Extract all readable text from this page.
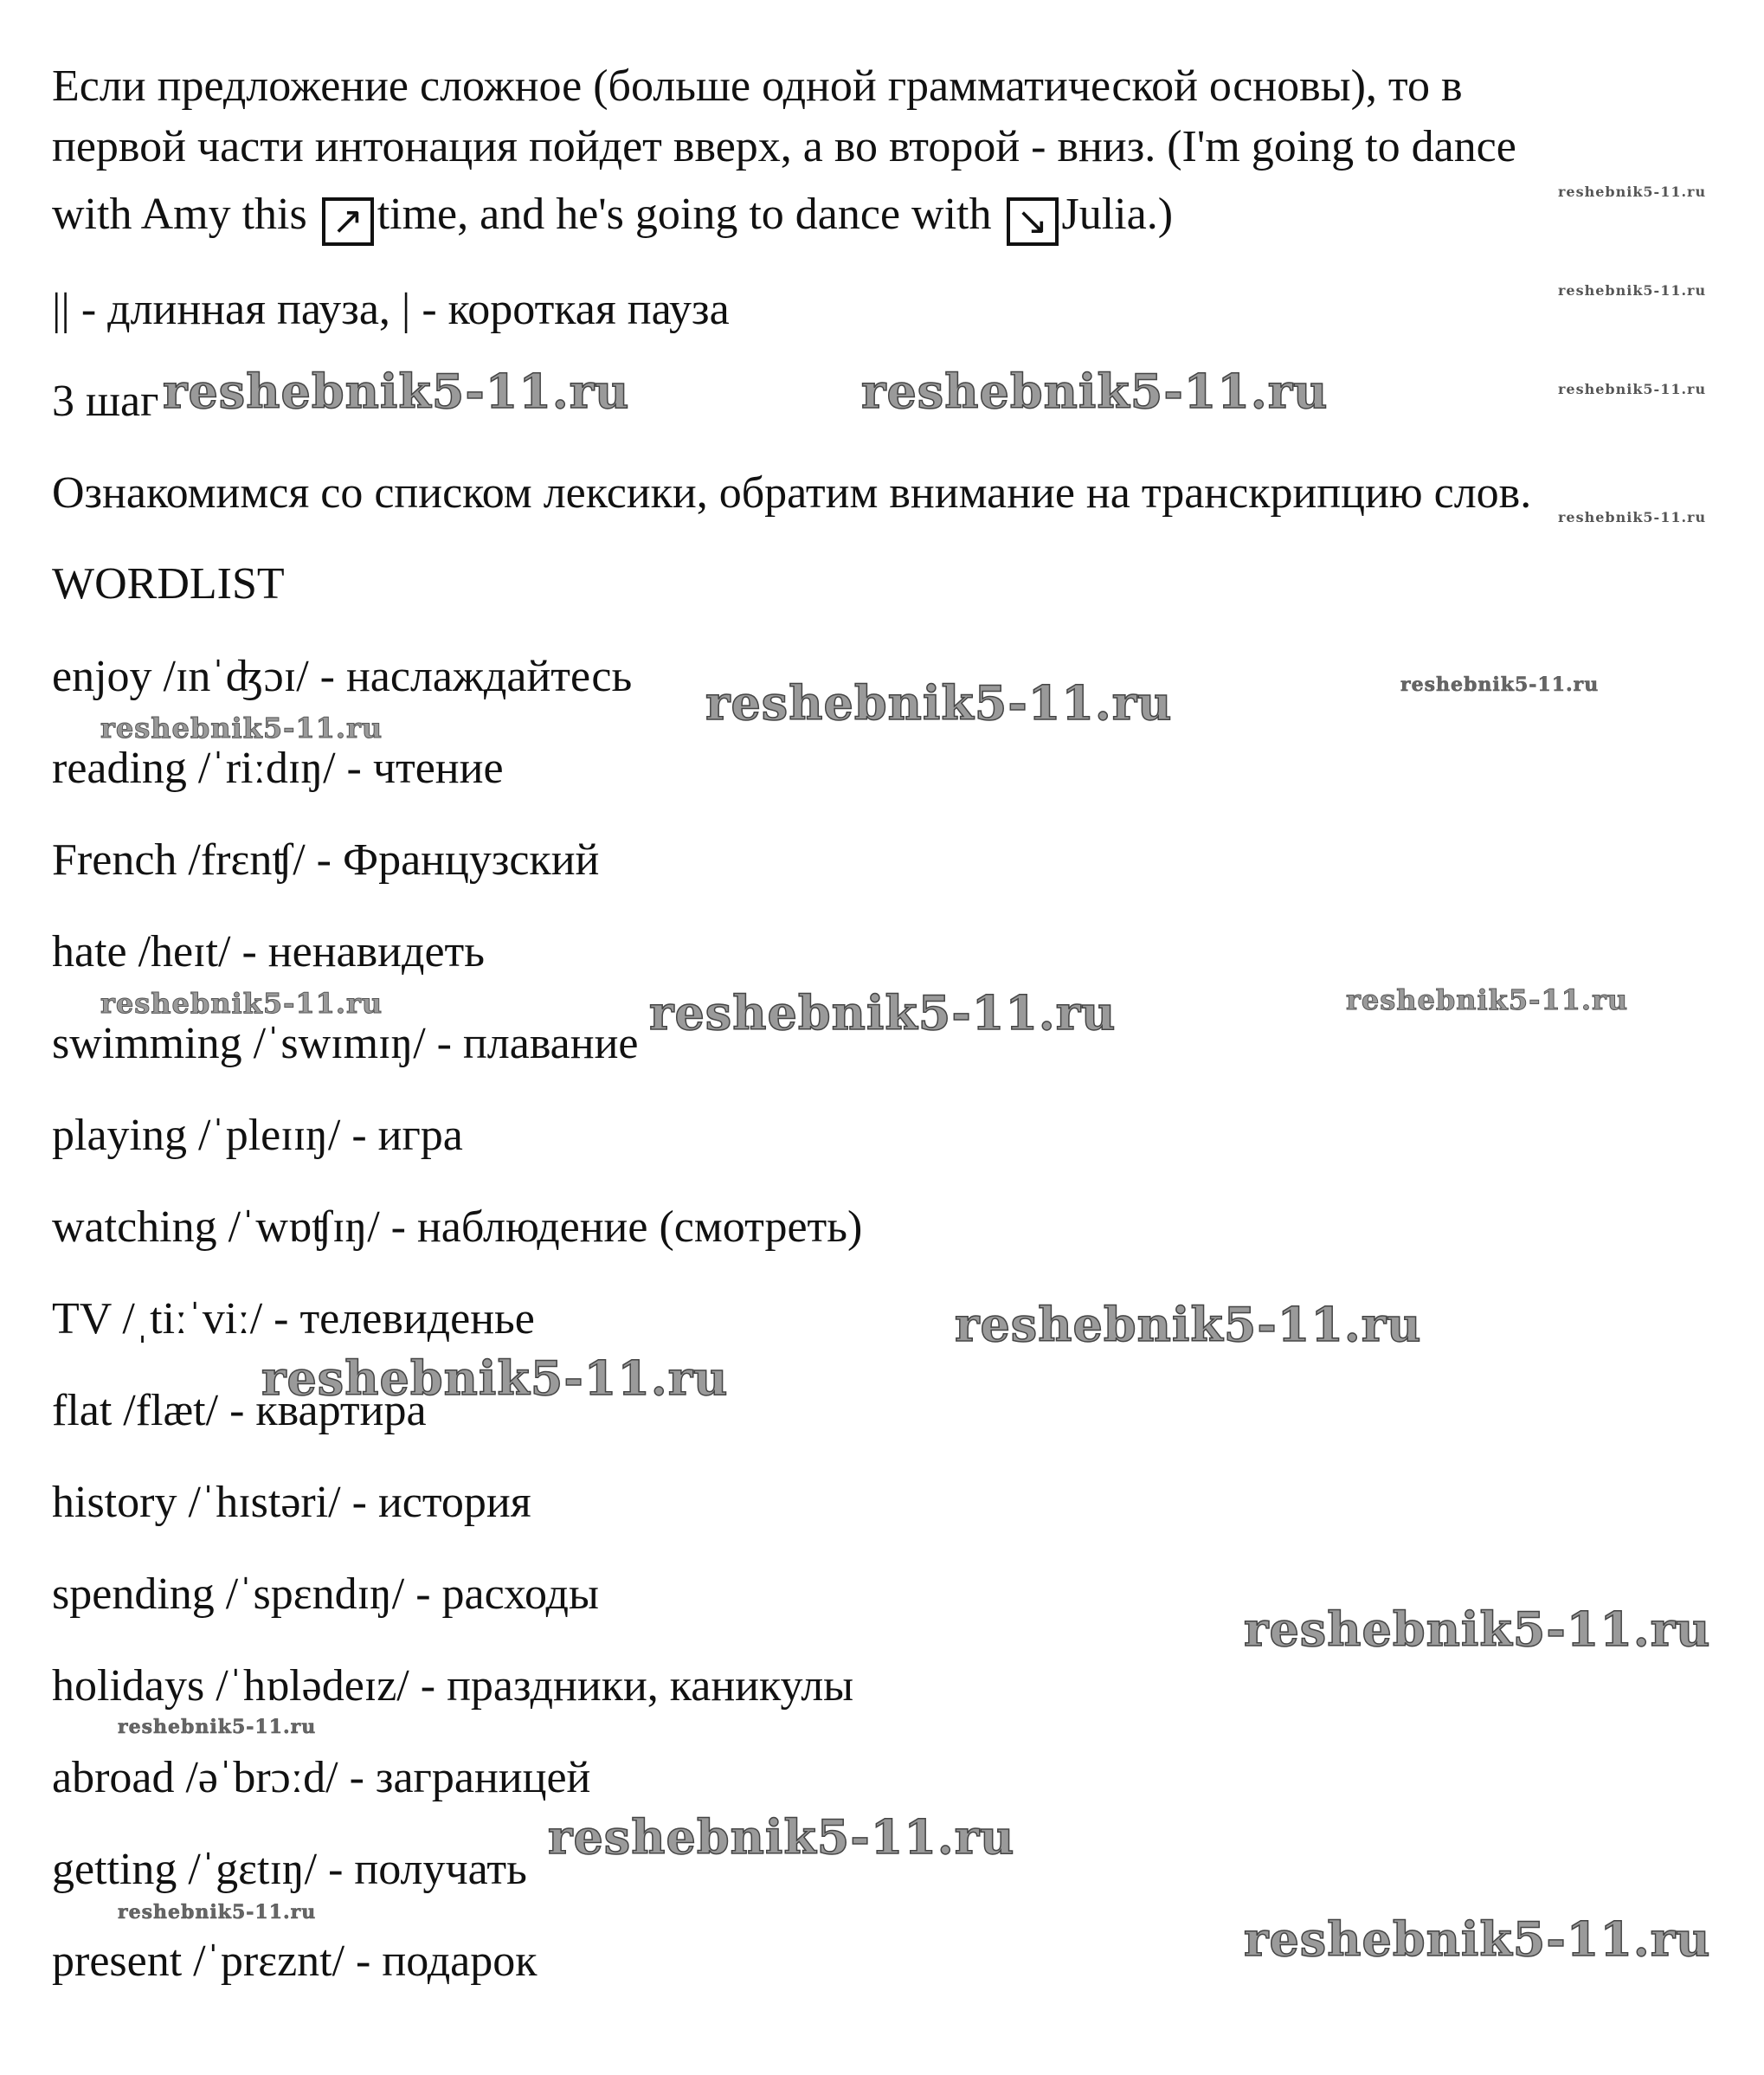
Если предложение сложное (больше одной грамматической основы), то в
первой части интонация пойдет вверх, а во второй - вниз. (I'm going to dance
with Amy this ↗ time, and he's going to dance with ↘ Julia.)
|| - длинная пауза, | - короткая пауза
3 шаг
Ознакомимся со списком лексики, обратим внимание на транскрипцию слов.
WORDLIST
enjoy /ɪnˈʤɔɪ/ - наслаждайтесь
reading /ˈriːdɪŋ/ - чтение
French /frɛnʧ/ - Французский
hate /heɪt/ - ненавидеть
swimming /ˈswɪmɪŋ/ - плавание
playing /ˈpleɪɪŋ/ - игра
watching /ˈwɒʧɪŋ/ - наблюдение (смотреть)
TV /ˌtiːˈviː/ - телевиденье
flat /flæt/ - квартира
history /ˈhɪstəri/ - история
spending /ˈspɛndɪŋ/ - расходы
holidays /ˈhɒlədeɪz/ - праздники, каникулы
abroad /əˈbrɔːd/ - заграницей
getting /ˈgɛtɪŋ/ - получать
present /ˈprɛznt/ - подарок
reshebnik5-11.ru
reshebnik5-11.ru
reshebnik5-11.ru
reshebnik5-11.ru
reshebnik5-11.ru	reshebnik5-11.ru
reshebnik5-11.ru	reshebnik5-11.ru
reshebnik5-11.ru
reshebnik5-11.ru	reshebnik5-11.ru	reshebnik5-11.ru
reshebnik5-11.ru
reshebnik5-11.ru
reshebnik5-11.ru
reshebnik5-11.ru
reshebnik5-11.ru
reshebnik5-11.ru	reshebnik5-11.ru
